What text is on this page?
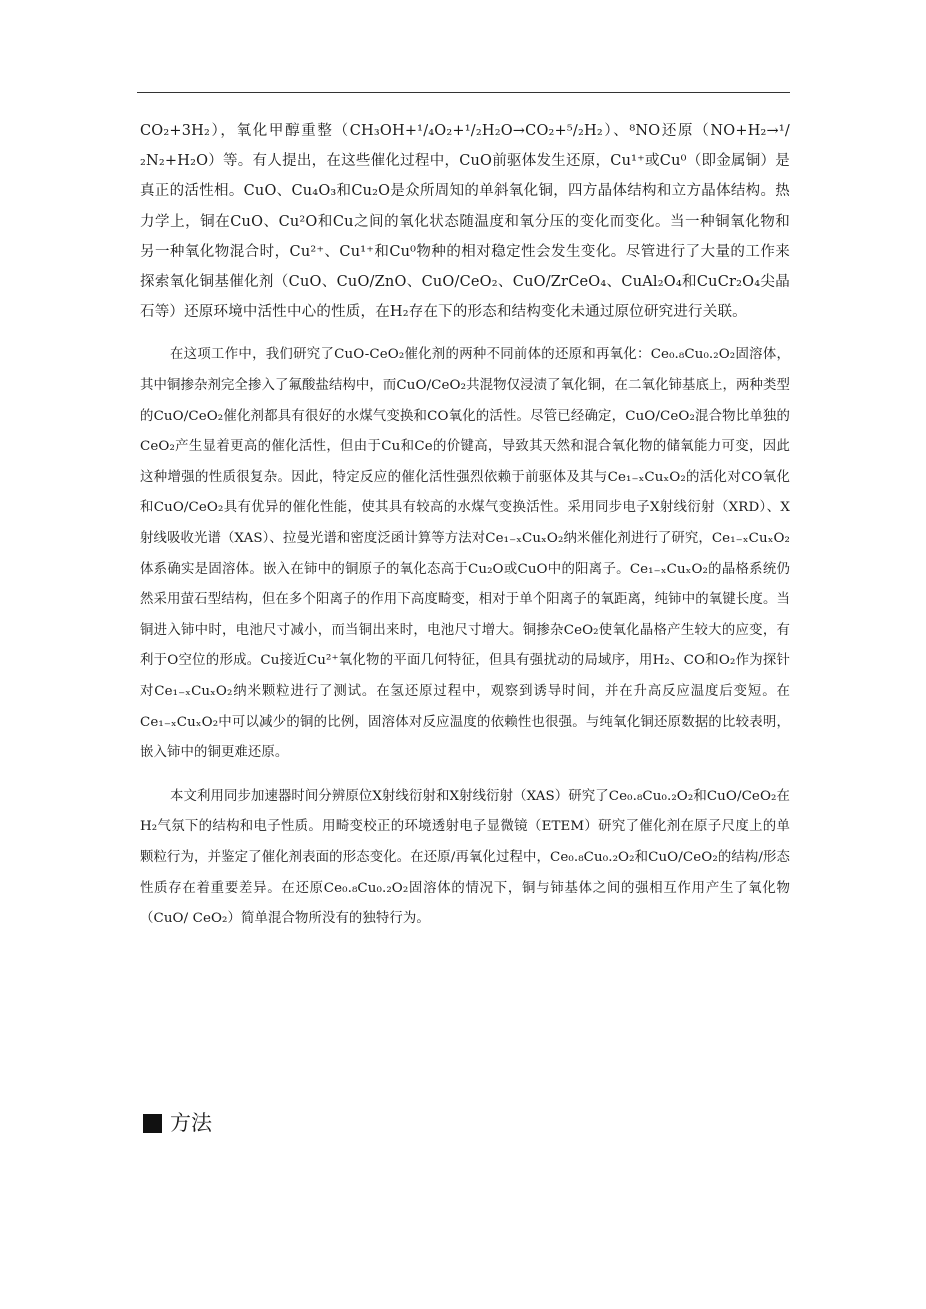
CO₂+3H₂），氧化甲醇重整（CH₃OH+¹/₄O₂+¹/₂H₂O→CO₂+⁵/₂H₂）、⁸NO还原（NO+H₂→¹/₂N₂+H₂O）等。有人提出，在这些催化过程中，CuO前驱体发生还原，Cu¹⁺或Cu⁰（即金属铜）是真正的活性相。CuO、Cu₄O₃和Cu₂O是众所周知的单斜氧化铜，四方晶体结构和立方晶体结构。热力学上，铜在CuO、Cu²O和Cu之间的氧化状态随温度和氧分压的变化而变化。当一种铜氧化物和另一种氧化物混合时，Cu²⁺、Cu¹⁺和Cu⁰物种的相对稳定性会发生变化。尽管进行了大量的工作来探索氧化铜基催化剂（CuO、CuO/ZnO、CuO/CeO₂、CuO/ZrCeO₄、CuAl₂O₄和CuCr₂O₄尖晶石等）还原环境中活性中心的性质，在H₂存在下的形态和结构变化未通过原位研究进行关联。

在这项工作中，我们研究了CuO-CeO₂催化剂的两种不同前体的还原和再氧化：Ce₀.₈Cu₀.₂O₂固溶体，其中铜掺杂剂完全掺入了氟酸盐结构中，而CuO/CeO₂共混物仅浸渍了氧化铜，在二氧化铈基底上，两种类型的CuO/CeO₂催化剂都具有很好的水煤气变换和CO氧化的活性。尽管已经确定，CuO/CeO₂混合物比单独的CeO₂产生显着更高的催化活性，但由于Cu和Ce的价键高，导致其天然和混合氧化物的储氧能力可变，因此这种增强的性质很复杂。因此，特定反应的催化活性强烈依赖于前驱体及其与Ce₁₋ₓCuₓO₂的活化对CO氧化和CuO/CeO₂具有优异的催化性能，使其具有较高的水煤气变换活性。采用同步电子X射线衍射（XRD）、X射线吸收光谱（XAS）、拉曼光谱和密度泛函计算等方法对Ce₁₋ₓCuₓO₂纳米催化剂进行了研究，Ce₁₋ₓCuₓO₂体系确实是固溶体。嵌入在铈中的铜原子的氧化态高于Cu₂O或CuO中的阳离子。Ce₁₋ₓCuₓO₂的晶格系统仍然采用萤石型结构，但在多个阳离子的作用下高度畸变，相对于单个阳离子的氧距离，纯铈中的氧键长度。当铜进入铈中时，电池尺寸减小，而当铜出来时，电池尺寸增大。铜掺杂CeO₂使氧化晶格产生较大的应变，有利于O空位的形成。Cu接近Cu²⁺氧化物的平面几何特征，但具有强扰动的局域序，用H₂、CO和O₂作为探针对Ce₁₋ₓCuₓO₂纳米颗粒进行了测试。在氢还原过程中，观察到诱导时间，并在升高反应温度后变短。在Ce₁₋ₓCuₓO₂中可以减少的铜的比例，固溶体对反应温度的依赖性也很强。与纯氧化铜还原数据的比较表明，嵌入铈中的铜更难还原。

本文利用同步加速器时间分辨原位X射线衍射和X射线衍射（XAS）研究了Ce₀.₈Cu₀.₂O₂和CuO/CeO₂在H₂气氛下的结构和电子性质。用畸变校正的环境透射电子显微镜（ETEM）研究了催化剂在原子尺度上的单颗粒行为，并鉴定了催化剂表面的形态变化。在还原/再氧化过程中，Ce₀.₈Cu₀.₂O₂和CuO/CeO₂的结构/形态性质存在着重要差异。在还原Ce₀.₈Cu₀.₂O₂固溶体的情况下，铜与铈基体之间的强相互作用产生了氧化物（CuO/ CeO₂）简单混合物所没有的独特行为。

方法
